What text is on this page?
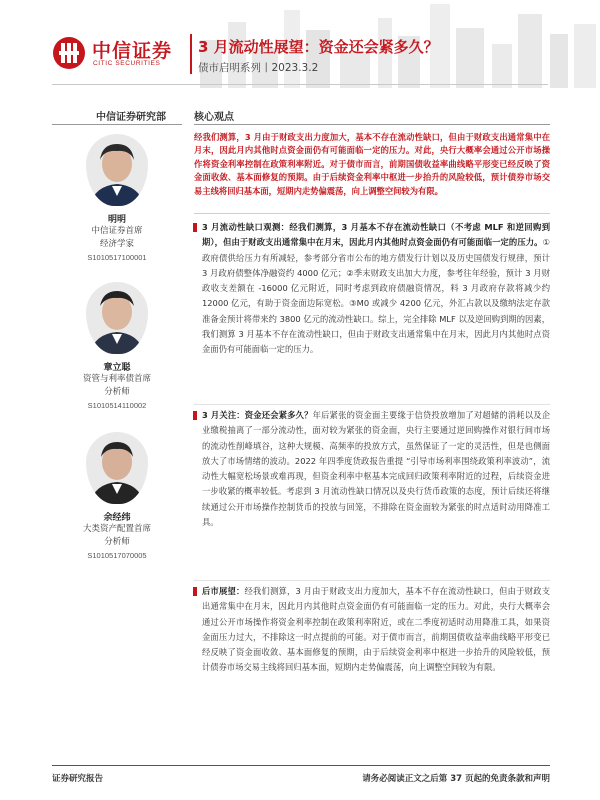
中信证券
CITIC SECURITIES
3 月流动性展望：资金还会紧多久？
债市启明系列丨2023.3.2
中信证券研究部
明明
中信证券首席
经济学家
S1010517100001
章立聪
资管与利率债首席
分析师
S1010514110002
余经纬
大类资产配置首席
分析师
S1010517070005
核心观点
经我们测算，3 月由于财政支出力度加大，基本不存在流动性缺口，但由于财政支出通常集中在月末，因此月内其他时点资金面仍有可能面临一定的压力。对此，央行大概率会通过公开市场操作将资金利率控制在政策利率附近。对于债市而言，前期国债收益率曲线略平形变已经反映了资金面收敛、基本面修复的预期。由于后续资金利率中枢进一步抬升的风险较低，预计债券市场交易主线将回归基本面，短期内走势偏震荡，向上调整空间较为有限。
3 月流动性缺口观测：经我们测算，3 月基本不存在流动性缺口（不考虑 MLF 和逆回购到期），但由于财政支出通常集中在月末，因此月内其他时点资金面仍有可能面临一定的压力。①政府债供给压力有所减轻，参考部分省市公布的地方债发行计划以及历史国债发行规律，预计 3 月政府债整体净融资约 4000 亿元；②季末财政支出加大力度，参考往年经验，预计 3 月财政收支差额在 -16000 亿元附近，同时考虑到政府债融资情况，料 3 月政府存款将减少约 12000 亿元，有助于资金面边际宽松。③M0 或减少 4200 亿元，外汇占款以及缴纳法定存款准备金预计将带来约 3800 亿元的流动性缺口。综上，完全排除 MLF 以及逆回购到期的因素，我们测算 3 月基本不存在流动性缺口，但由于财政支出通常集中在月末，因此月内其他时点资金面仍有可能面临一定的压力。
3 月关注：资金还会紧多久？年后紧张的资金面主要缘于信贷投放增加了对超储的消耗以及企业缴税抽离了一部分流动性，面对较为紧张的资金面，央行主要通过逆回购操作对银行间市场的流动性削峰填谷，这种大规模、高频率的投放方式，虽然保证了一定的灵活性，但是也侧面放大了市场情绪的波动。2022 年四季度货政报告重提 “引导市场利率围绕政策利率波动”，流动性大幅宽松场景或难再现，但资金利率中枢基本完成回归政策利率附近的过程，后续资金进一步收紧的概率较低。考虑到 3 月流动性缺口情况以及央行货币政策的态度，预计后续还将继续通过公开市场操作控制货币的投放与回笼，不排除在资金面较为紧张的时点适时动用降准工具。
后市展望：经我们测算，3 月由于财政支出力度加大，基本不存在流动性缺口，但由于财政支出通常集中在月末，因此月内其他时点资金面仍有可能面临一定的压力。对此，央行大概率会通过公开市场操作将资金利率控制在政策利率附近，或在二季度初适时动用降准工具，如果资金面压力过大，不排除这一时点提前的可能。对于债市而言，前期国债收益率曲线略平形变已经反映了资金面收敛、基本面修复的预期，由于后续资金利率中枢进一步抬升的风险较低，预计债券市场交易主线将回归基本面，短期内走势偏震荡，向上调整空间较为有限。
证券研究报告	请务必阅读正文之后第 37 页起的免责条款和声明
